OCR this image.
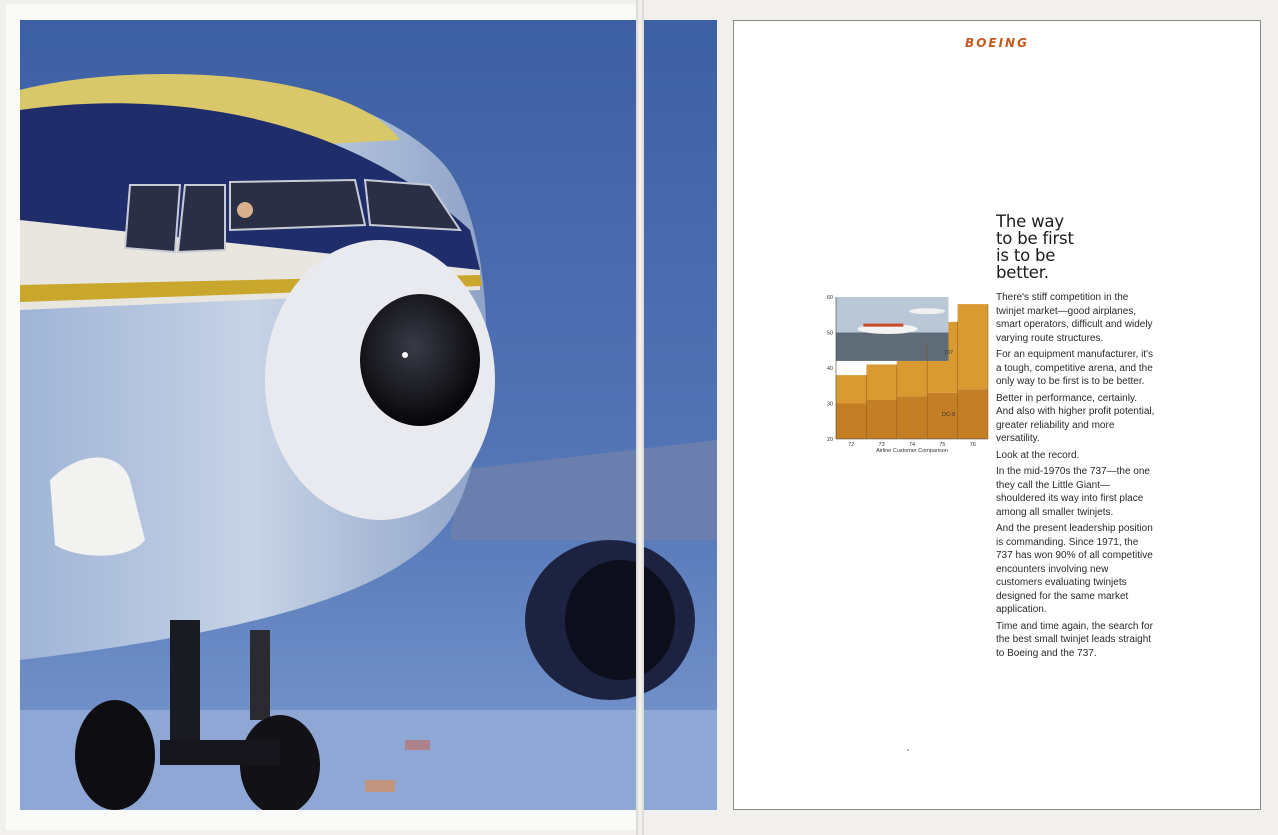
BOEING
The way
to be first
is to be
better.
20
30
40
50
60
72	73	74	75	76
Airline Customer Comparison
737
DC-9

There's stiff competition in the twinjet market—good airplanes, smart operators, difficult and widely varying route structures.

For an equipment manufacturer, it's a tough, competitive arena, and the only way to be first is to be better.

Better in performance, certainly. And also with higher profit potential, greater reliability and more versatility.

Look at the record.

In the mid-1970s the 737—the one they call the Little Giant—shouldered its way into first place among all smaller twinjets.

And the present leadership position is commanding. Since 1971, the 737 has won 90% of all competitive encounters involving new customers evaluating twinjets designed for the same market application.

Time and time again, the search for the best small twinjet leads straight to Boeing and the 737.
